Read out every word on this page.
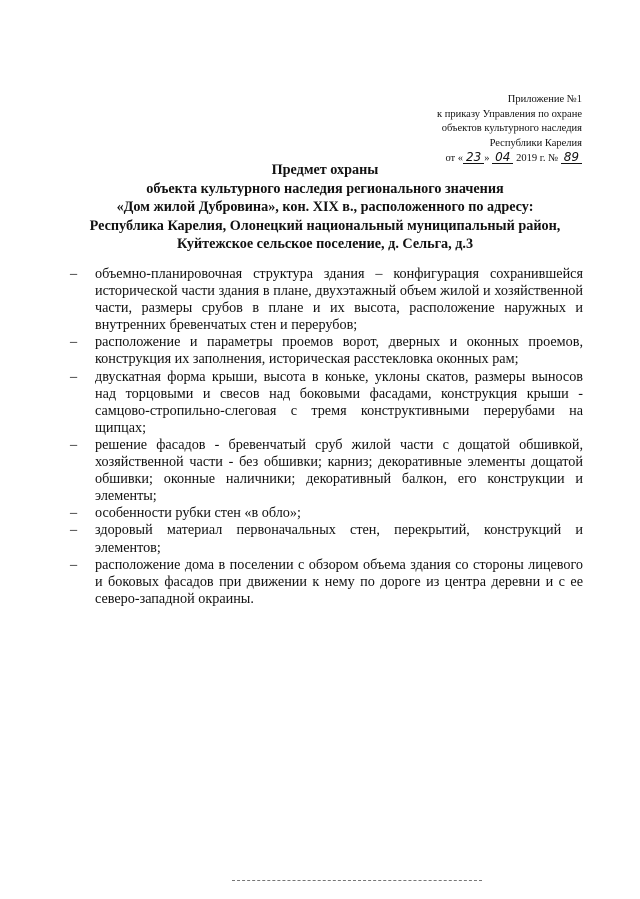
Приложение №1
к приказу Управления по охране
объектов культурного наследия
Республики Карелия
от « 23 » 04 2019 г. № 89
Предмет охраны
объекта культурного наследия регионального значения
«Дом жилой Дубровина», кон. XIX в., расположенного по адресу:
Республика Карелия, Олонецкий национальный муниципальный район,
Куйтежское сельское поселение, д. Сельга, д.3
– объемно-планировочная структура здания – конфигурация сохранившейся исторической части здания в плане, двухэтажный объем жилой и хозяйственной части, размеры срубов в плане и их высота, расположение наружных и внутренних бревенчатых стен и перерубов;
– расположение и параметры проемов ворот, дверных и оконных проемов, конструкция их заполнения, историческая расстекловка оконных рам;
– двускатная форма крыши, высота в коньке, уклоны скатов, размеры выносов над торцовыми и свесов над боковыми фасадами, конструкция крыши - самцово-стропильно-слеговая с тремя конструктивными перерубами на щипцах;
– решение фасадов - бревенчатый сруб жилой части с дощатой обшивкой, хозяйственной части - без обшивки; карниз; декоративные элементы дощатой обшивки; оконные наличники; декоративный балкон, его конструкции и элементы;
– особенности рубки стен «в обло»;
– здоровый материал первоначальных стен, перекрытий, конструкций и элементов;
– расположение дома в поселении с обзором объема здания со стороны лицевого и боковых фасадов при движении к нему по дороге из центра деревни и с ее северо-западной окраины.
